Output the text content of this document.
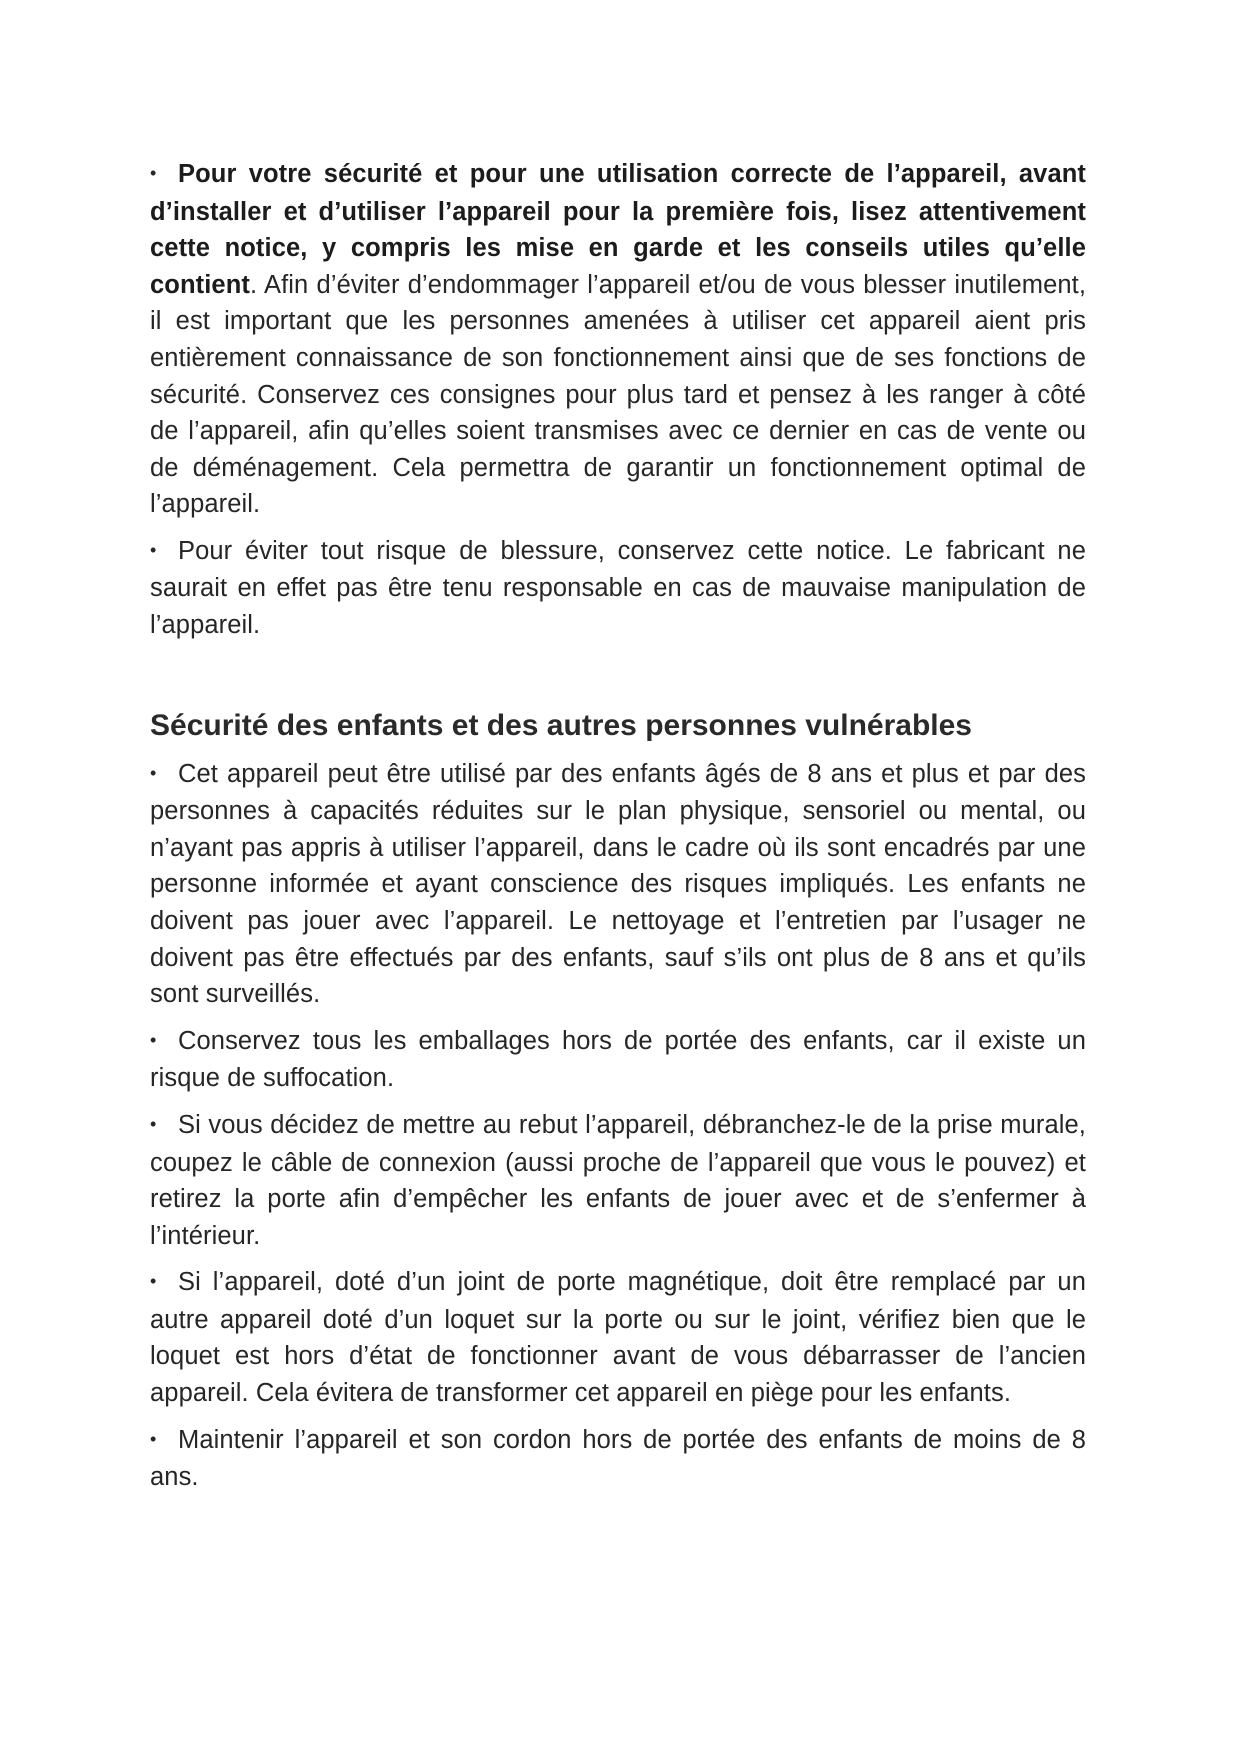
• Pour votre sécurité et pour une utilisation correcte de l’appareil, avant d’installer et d’utiliser l’appareil pour la première fois, lisez attentivement cette notice, y compris les mise en garde et les conseils utiles qu’elle contient. Afin d’éviter d’endommager l’appareil et/ou de vous blesser inutilement, il est important que les personnes amenées à utiliser cet appareil aient pris entièrement connaissance de son fonctionnement ainsi que de ses fonctions de sécurité. Conservez ces consignes pour plus tard et pensez à les ranger à côté de l’appareil, afin qu’elles soient transmises avec ce dernier en cas de vente ou de déménagement. Cela permettra de garantir un fonctionnement optimal de l’appareil.

• Pour éviter tout risque de blessure, conservez cette notice. Le fabricant ne saurait en effet pas être tenu responsable en cas de mauvaise manipulation de l’appareil.

Sécurité des enfants et des autres personnes vulnérables

• Cet appareil peut être utilisé par des enfants âgés de 8 ans et plus et par des personnes à capacités réduites sur le plan physique, sensoriel ou mental, ou n’ayant pas appris à utiliser l’appareil, dans le cadre où ils sont encadrés par une personne informée et ayant conscience des risques impliqués. Les enfants ne doivent pas jouer avec l’appareil. Le nettoyage et l’entretien par l’usager ne doivent pas être effectués par des enfants, sauf s’ils ont plus de 8 ans et qu’ils sont surveillés.

• Conservez tous les emballages hors de portée des enfants, car il existe un risque de suffocation.

• Si vous décidez de mettre au rebut l’appareil, débranchez-le de la prise murale, coupez le câble de connexion (aussi proche de l’appareil que vous le pouvez) et retirez la porte afin d’empêcher les enfants de jouer avec et de s’enfermer à l’intérieur.

• Si l’appareil, doté d’un joint de porte magnétique, doit être remplacé par un autre appareil doté d’un loquet sur la porte ou sur le joint, vérifiez bien que le loquet est hors d’état de fonctionner avant de vous débarrasser de l’ancien appareil. Cela évitera de transformer cet appareil en piège pour les enfants.

• Maintenir l’appareil et son cordon hors de portée des enfants de moins de 8 ans.
